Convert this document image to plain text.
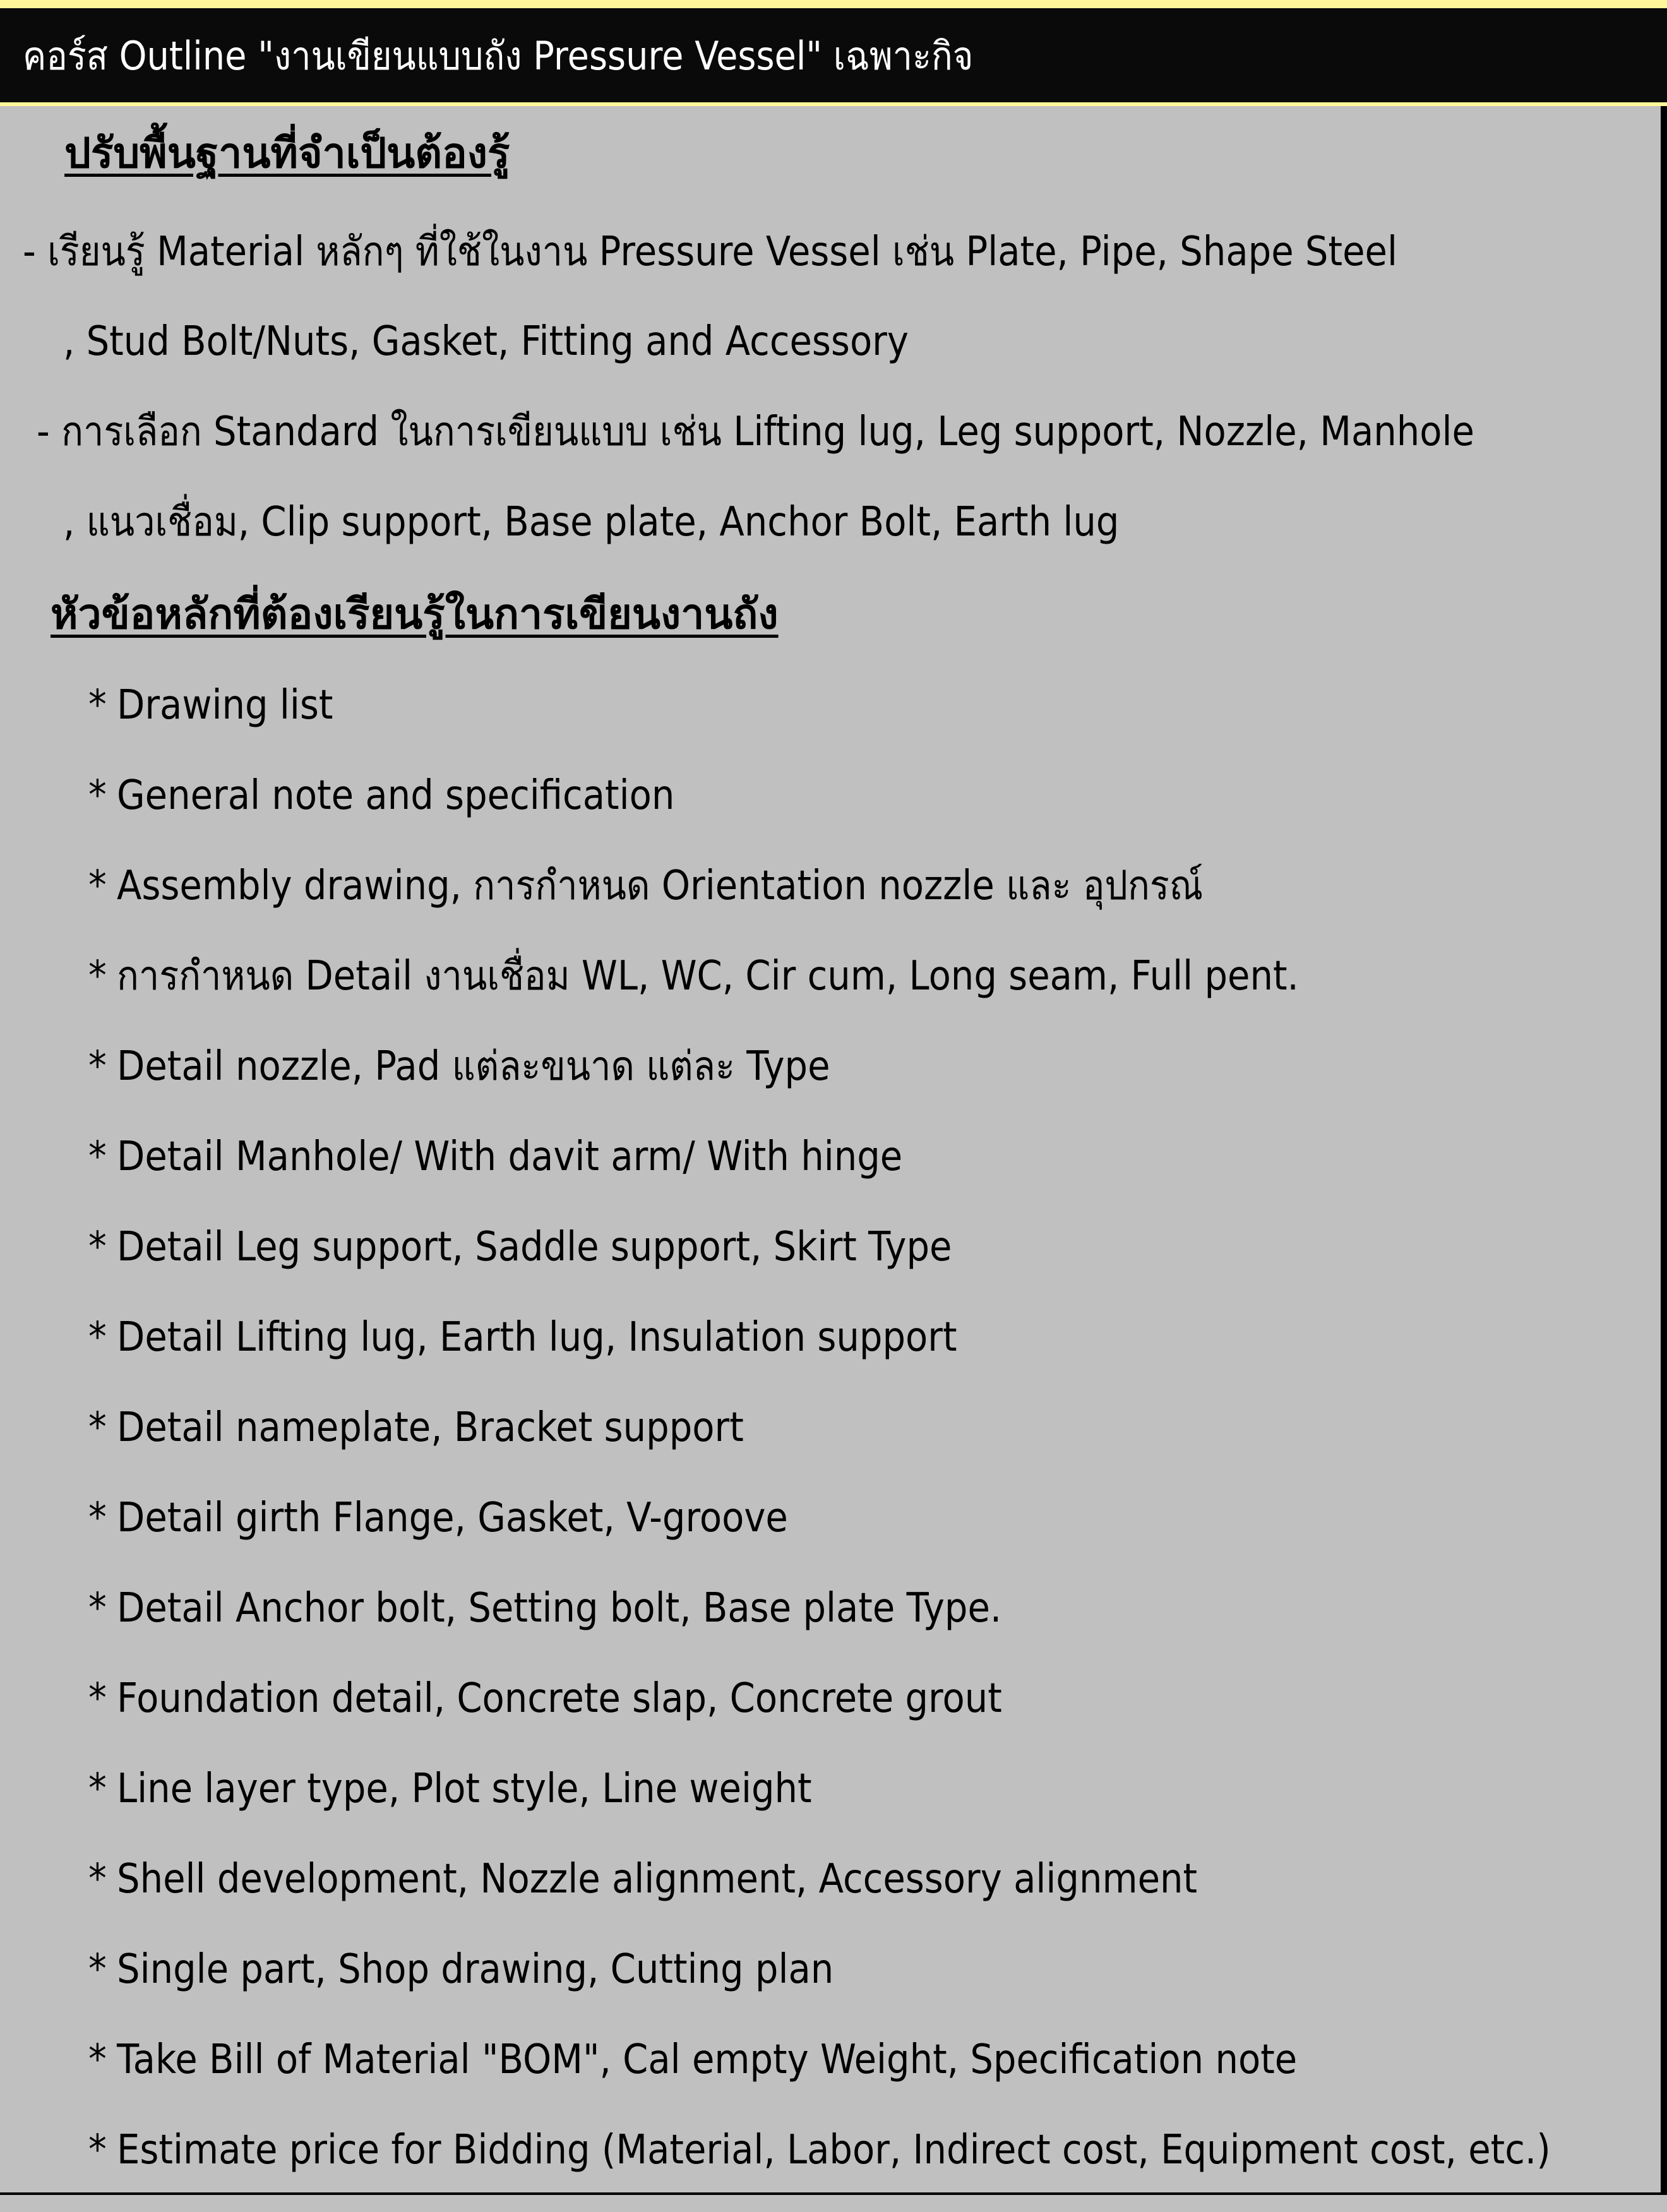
คอร์ส Outline "งานเขียนแบบถัง Pressure Vessel" เฉพาะกิจ
ปรับพื้นฐานที่จำเป็นต้องรู้

- เรียนรู้ Material หลักๆ ที่ใช้ในงาน Pressure Vessel เช่น Plate, Pipe, Shape Steel

, Stud Bolt/Nuts, Gasket, Fitting and Accessory

- การเลือก Standard ในการเขียนแบบ เช่น Lifting lug, Leg support, Nozzle, Manhole

, แนวเชื่อม, Clip support, Base plate, Anchor Bolt, Earth lug

หัวข้อหลักที่ต้องเรียนรู้ในการเขียนงานถัง
* Drawing list
* General note and specification
* Assembly drawing, การกำหนด Orientation nozzle และ อุปกรณ์
* การกำหนด Detail งานเชื่อม WL, WC, Cir cum, Long seam, Full pent.
* Detail nozzle, Pad แต่ละขนาด แต่ละ Type
* Detail Manhole/ With davit arm/ With hinge
* Detail Leg support, Saddle support, Skirt Type
* Detail Lifting lug, Earth lug, Insulation support
* Detail nameplate, Bracket support
* Detail girth Flange, Gasket, V-groove
* Detail Anchor bolt, Setting bolt, Base plate Type.
* Foundation detail, Concrete slap, Concrete grout
* Line layer type, Plot style, Line weight
* Shell development, Nozzle alignment, Accessory alignment
* Single part, Shop drawing, Cutting plan
* Take Bill of Material "BOM", Cal empty Weight, Specification note
* Estimate price for Bidding (Material, Labor, Indirect cost, Equipment cost, etc.)
